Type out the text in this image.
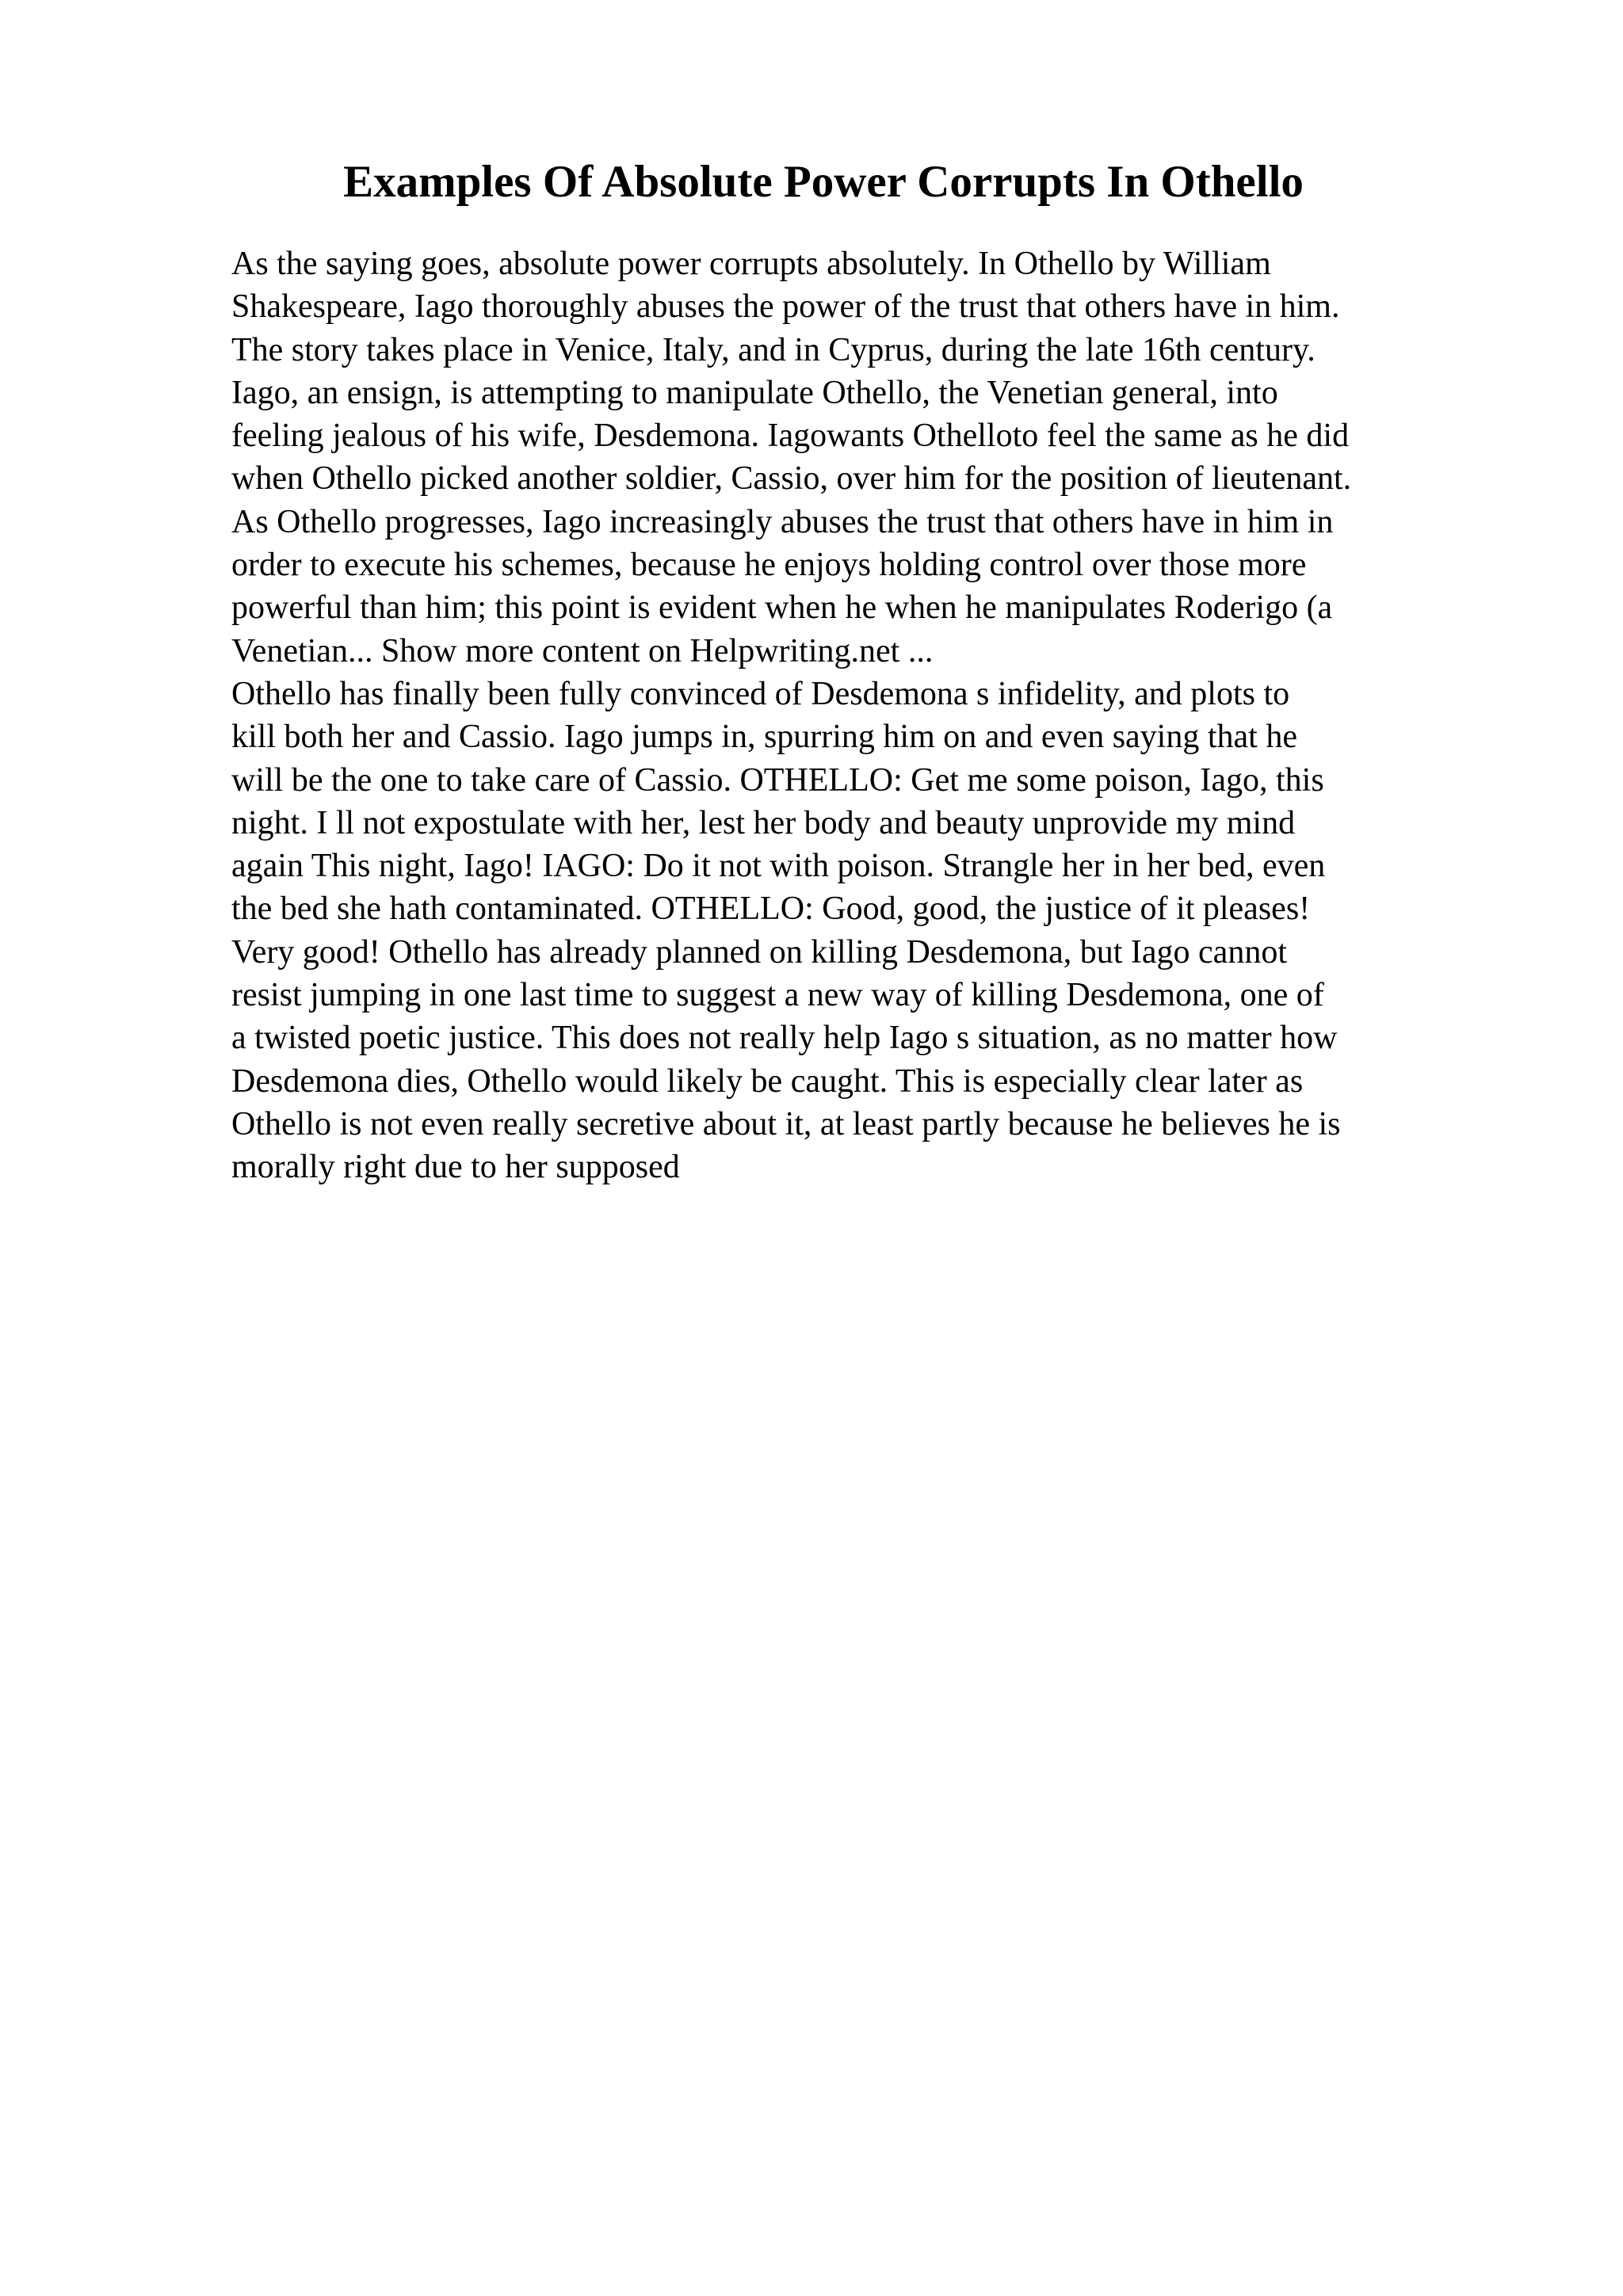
Examples Of Absolute Power Corrupts In Othello
As the saying goes, absolute power corrupts absolutely. In Othello by William
Shakespeare, Iago thoroughly abuses the power of the trust that others have in him.
The story takes place in Venice, Italy, and in Cyprus, during the late 16th century.
Iago, an ensign, is attempting to manipulate Othello, the Venetian general, into
feeling jealous of his wife, Desdemona. Iagowants Othelloto feel the same as he did
when Othello picked another soldier, Cassio, over him for the position of lieutenant.
As Othello progresses, Iago increasingly abuses the trust that others have in him in
order to execute his schemes, because he enjoys holding control over those more
powerful than him; this point is evident when he when he manipulates Roderigo (a
Venetian... Show more content on Helpwriting.net ...
Othello has finally been fully convinced of Desdemona s infidelity, and plots to
kill both her and Cassio. Iago jumps in, spurring him on and even saying that he
will be the one to take care of Cassio. OTHELLO: Get me some poison, Iago, this
night. I ll not expostulate with her, lest her body and beauty unprovide my mind
again This night, Iago! IAGO: Do it not with poison. Strangle her in her bed, even
the bed she hath contaminated. OTHELLO: Good, good, the justice of it pleases!
Very good! Othello has already planned on killing Desdemona, but Iago cannot
resist jumping in one last time to suggest a new way of killing Desdemona, one of
a twisted poetic justice. This does not really help Iago s situation, as no matter how
Desdemona dies, Othello would likely be caught. This is especially clear later as
Othello is not even really secretive about it, at least partly because he believes he is
morally right due to her supposed
